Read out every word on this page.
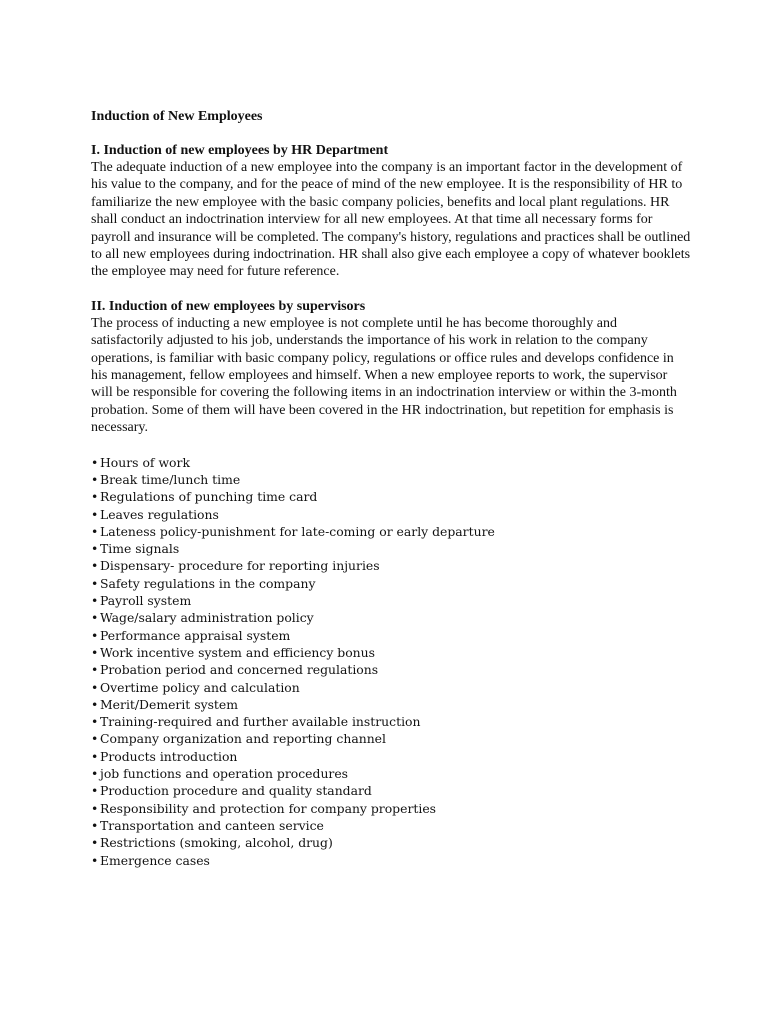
Induction of New Employees

I. Induction of new employees by HR Department

The adequate induction of a new employee into the company is an important factor in the development of his value to the company, and for the peace of mind of the new employee. It is the responsibility of HR to familiarize the new employee with the basic company policies, benefits and local plant regulations. HR shall conduct an indoctrination interview for all new employees. At that time all necessary forms for payroll and insurance will be completed. The company's history, regulations and practices shall be outlined to all new employees during indoctrination. HR shall also give each employee a copy of whatever booklets the employee may need for future reference.

II. Induction of new employees by supervisors

The process of inducting a new employee is not complete until he has become thoroughly and satisfactorily adjusted to his job, understands the importance of his work in relation to the company operations, is familiar with basic company policy, regulations or office rules and develops confidence in his management, fellow employees and himself. When a new employee reports to work, the supervisor will be responsible for covering the following items in an indoctrination interview or within the 3-month probation. Some of them will have been covered in the HR indoctrination, but repetition for emphasis is necessary.

• Hours of work
• Break time/lunch time
• Regulations of punching time card
• Leaves regulations
• Lateness policy-punishment for late-coming or early departure
• Time signals
• Dispensary- procedure for reporting injuries
• Safety regulations in the company
• Payroll system
• Wage/salary administration policy
• Performance appraisal system
• Work incentive system and efficiency bonus
• Probation period and concerned regulations
• Overtime policy and calculation
• Merit/Demerit system
• Training-required and further available instruction
• Company organization and reporting channel
• Products introduction
• job functions and operation procedures
• Production procedure and quality standard
• Responsibility and protection for company properties
• Transportation and canteen service
• Restrictions (smoking, alcohol, drug)
• Emergence cases
